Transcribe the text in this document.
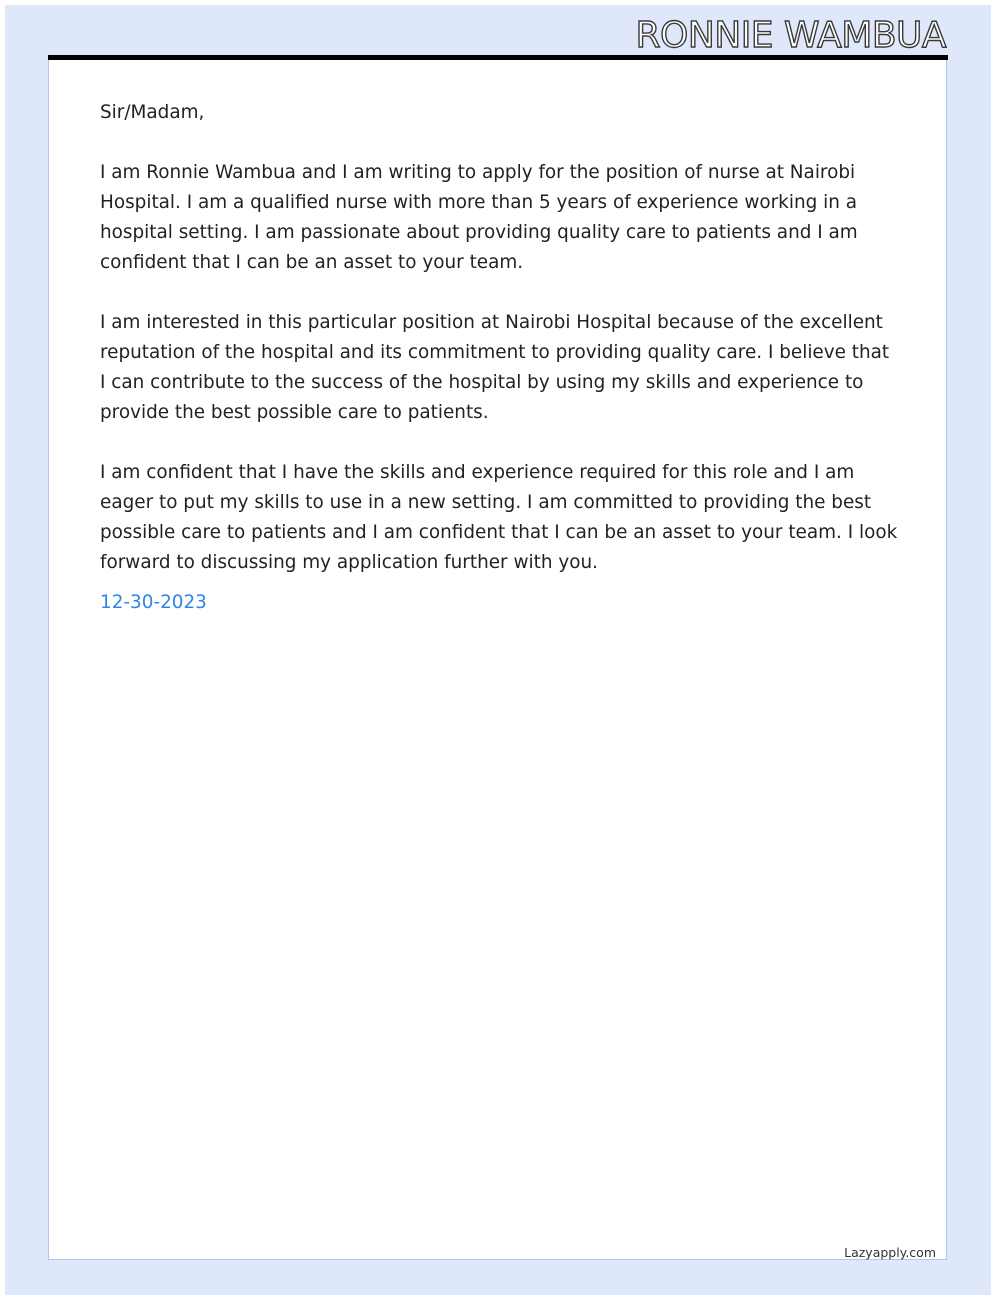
RONNIE WAMBUA

Sir/Madam,

I am Ronnie Wambua and I am writing to apply for the position of nurse at Nairobi Hospital. I am a qualified nurse with more than 5 years of experience working in a hospital setting. I am passionate about providing quality care to patients and I am confident that I can be an asset to your team.

I am interested in this particular position at Nairobi Hospital because of the excellent reputation of the hospital and its commitment to providing quality care. I believe that I can contribute to the success of the hospital by using my skills and experience to provide the best possible care to patients.

I am confident that I have the skills and experience required for this role and I am eager to put my skills to use in a new setting. I am committed to providing the best possible care to patients and I am confident that I can be an asset to your team. I look forward to discussing my application further with you.

12-30-2023

Lazyapply.com
